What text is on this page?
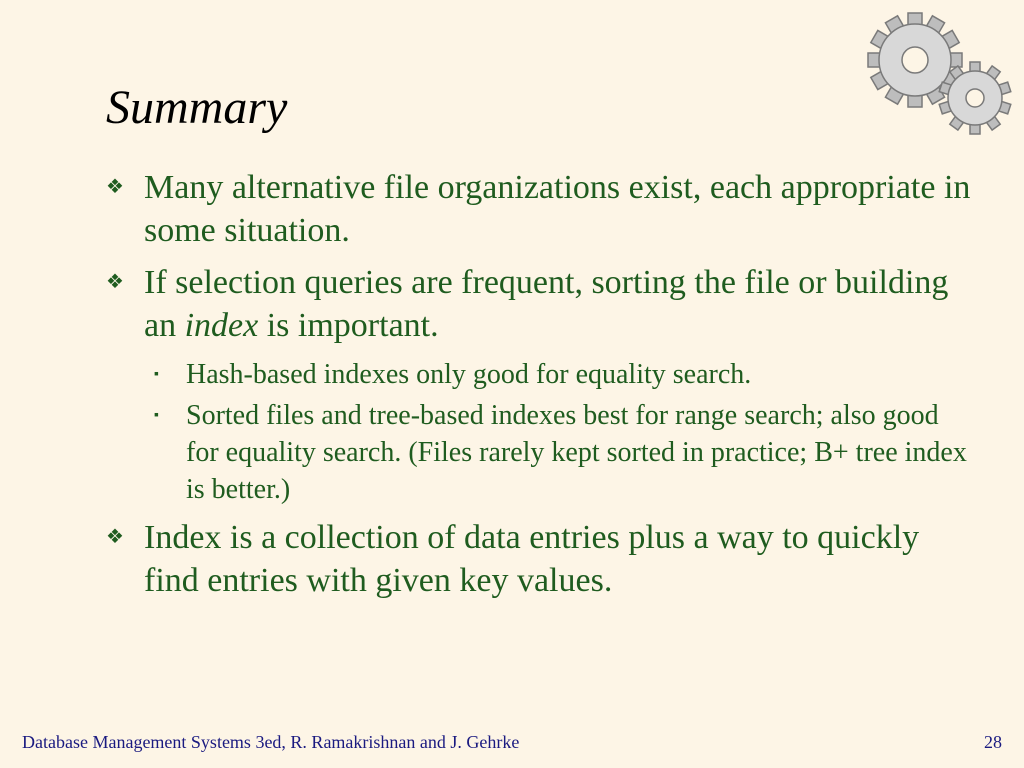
Summary
❖ Many alternative file organizations exist, each appropriate in some situation.
❖ If selection queries are frequent, sorting the file or building an index is important.
▪ Hash-based indexes only good for equality search.
▪ Sorted files and tree-based indexes best for range search; also good for equality search. (Files rarely kept sorted in practice; B+ tree index is better.)
❖ Index is a collection of data entries plus a way to quickly find entries with given key values.
Database Management Systems 3ed, R. Ramakrishnan and J. Gehrke	28
